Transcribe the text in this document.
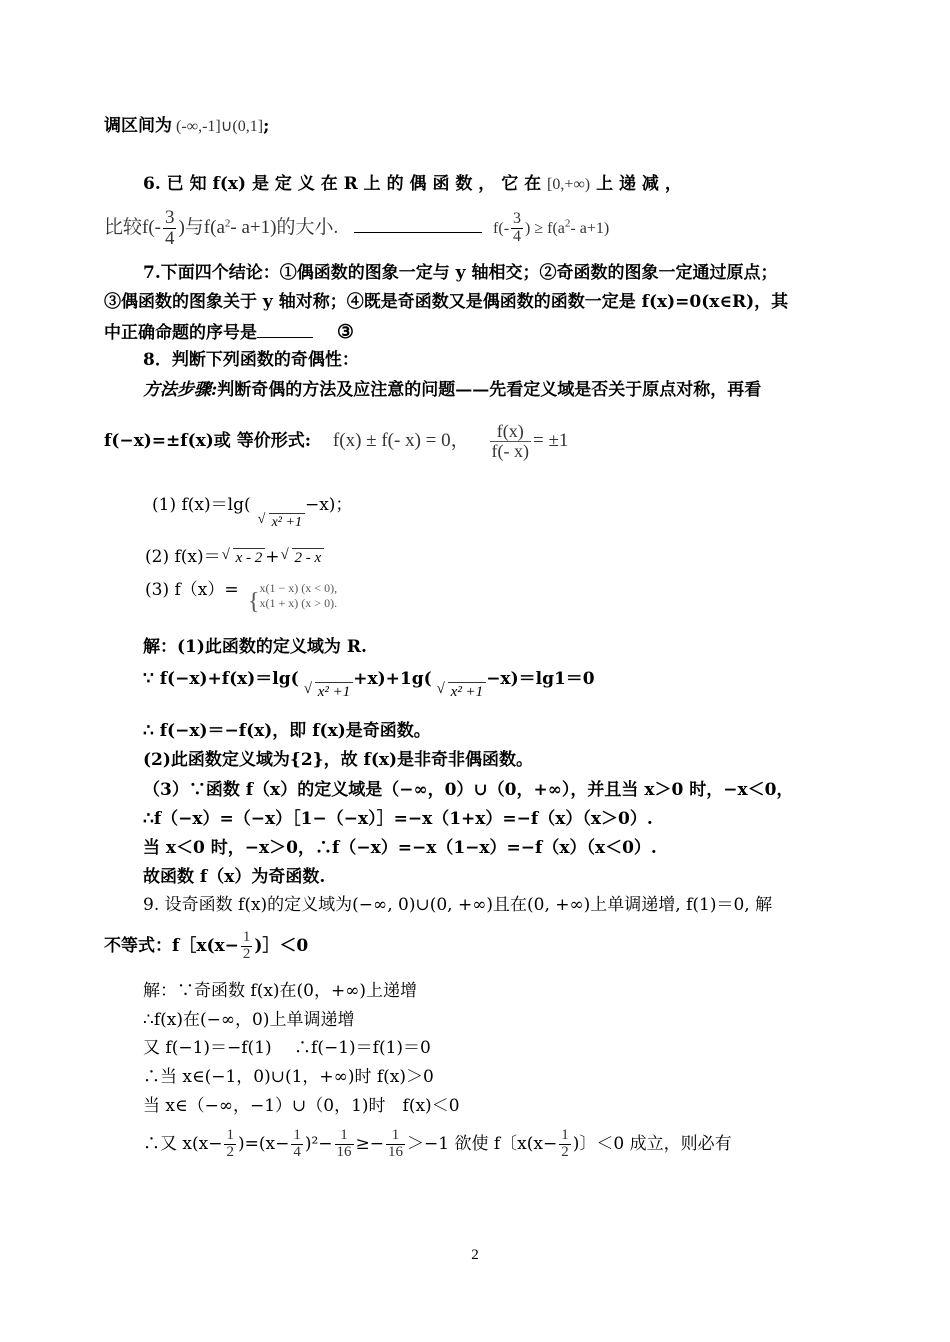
调区间为 (-∞,-1]∪(0,1];
6. 已 知 f(x) 是 定 义 在 R 上 的 偶 函 数 ， 它 在 [0,+∞) 上 递 减 ，
比较$f(- \frac{3}{4}$ )与$f(a^2-$ a+1)的大小.	$f(- \frac{3}{4}$ ) ≥ $f(a^2-$ a+1)
7.下面四个结论：①偶函数的图象一定与 y 轴相交；②奇函数的图象一定通过原点；
③偶函数的图象关于 y 轴对称；④既是奇函数又是偶函数的函数一定是 f(x)=0(x∈R)，其
中正确命题的序号是	③
8．判断下列函数的奇偶性：
方法步骤:判断奇偶的方法及应注意的问题——先看定义域是否关于原点对称，再看
f(−x)=±f(x)或 等价形式: f(x) ± f(- x) = 0， $\frac{f(x)}{f(- x)} = \pm 1$
(1) f(x)＝lg(√ x² +1−x)；
(2) f(x)＝ √ x - 2 + √ 2 - x
(3) f（x）= {
x(1 − x) (x < 0),
x(1 + x) (x > 0).
解：(1)此函数的定义域为 R.
∵ f(−x)+f(x)＝lg(√ x² +1+x)+1g(√ x² +1−x)＝lg1＝0
∴ f(−x)＝−f(x)，即 f(x)是奇函数。
(2)此函数定义域为{2}，故 f(x)是非奇非偶函数。
（3）∵函数 f（x）的定义域是（−∞，0）∪（0，+∞），并且当 x＞0 时，−x＜0，
∴f（−x）=（−x）［1−（−x）］=−x（1+x）=−f（x）（x＞0）.
当 x＜0 时，−x＞0，∴f（−x）=−x（1−x）=−f（x）（x＜0）.
故函数 f（x）为奇函数.
9. 设奇函数 f(x)的定义域为(−∞, 0)∪(0, +∞)且在(0, +∞)上单调递增, f(1)＝0, 解
不等式：f［x(x− $\frac{1}{2}$ )］＜0
解：∵奇函数 f(x)在(0，+∞)上递增
∴f(x)在(−∞，0)上单调递增
又 f(−1)＝−f(1)　 ∴f(−1)＝f(1)＝0
∴当 x∈(−1，0)∪(1，+∞)时 f(x)＞0
当 x∈（−∞，−1）∪（0，1)时　f(x)＜0
∴又 $x(x- \frac{1}{2} )=(x- \frac{1}{4} )^2- \frac{1}{16} \ge- \frac{1}{16} >-1$ 欲使 f〔$x(x- \frac{1}{2}$ )〕＜0 成立，则必有
2
